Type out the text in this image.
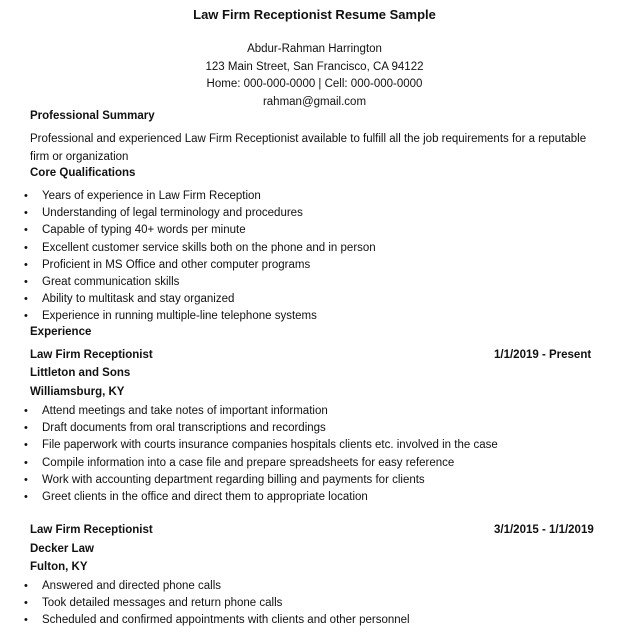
Law Firm Receptionist Resume Sample
Abdur-Rahman Harrington
123 Main Street, San Francisco, CA 94122
Home: 000-000-0000 | Cell: 000-000-0000
rahman@gmail.com
Professional Summary
Professional and experienced Law Firm Receptionist available to fulfill all the job requirements for a reputable firm or organization
Core Qualifications
• Years of experience in Law Firm Reception
• Understanding of legal terminology and procedures
• Capable of typing 40+ words per minute
• Excellent customer service skills both on the phone and in person
• Proficient in MS Office and other computer programs
• Great communication skills
• Ability to multitask and stay organized
• Experience in running multiple-line telephone systems
Experience
Law Firm Receptionist	1/1/2019 - Present
Littleton and Sons
Williamsburg, KY
• Attend meetings and take notes of important information
• Draft documents from oral transcriptions and recordings
• File paperwork with courts insurance companies hospitals clients etc. involved in the case
• Compile information into a case file and prepare spreadsheets for easy reference
• Work with accounting department regarding billing and payments for clients
• Greet clients in the office and direct them to appropriate location
Law Firm Receptionist	3/1/2015 - 1/1/2019
Decker Law
Fulton, KY
• Answered and directed phone calls
• Took detailed messages and return phone calls
• Scheduled and confirmed appointments with clients and other personnel
